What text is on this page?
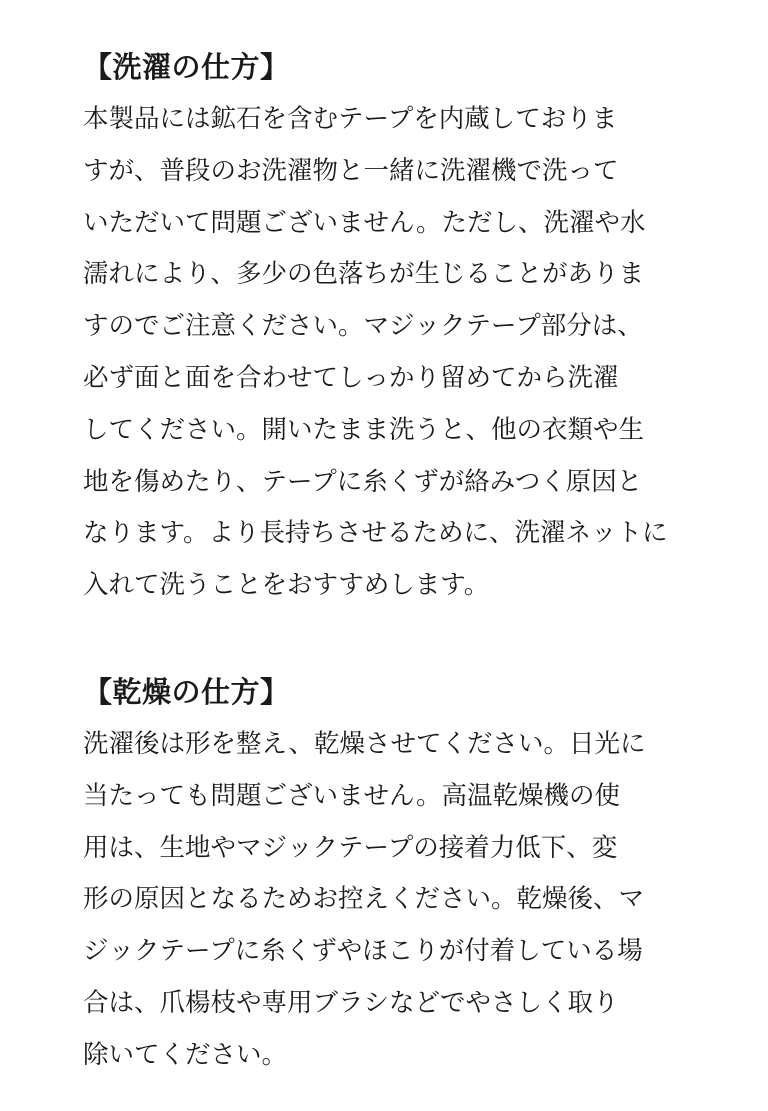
【洗濯の仕方】

本製品には鉱石を含むテープを内蔵しておりま

すが、普段のお洗濯物と一緒に洗濯機で洗って

いただいて問題ございません。ただし、洗濯や水

濡れにより、多少の色落ちが生じることがありま

すのでご注意ください。マジックテープ部分は、

必ず面と面を合わせてしっかり留めてから洗濯

してください。開いたまま洗うと、他の衣類や生

地を傷めたり、テープに糸くずが絡みつく原因と

なります。より長持ちさせるために、洗濯ネットに

入れて洗うことをおすすめします。

【乾燥の仕方】

洗濯後は形を整え、乾燥させてください。日光に

当たっても問題ございません。高温乾燥機の使

用は、生地やマジックテープの接着力低下、変

形の原因となるためお控えください。乾燥後、マ

ジックテープに糸くずやほこりが付着している場

合は、爪楊枝や専用ブラシなどでやさしく取り

除いてください。
